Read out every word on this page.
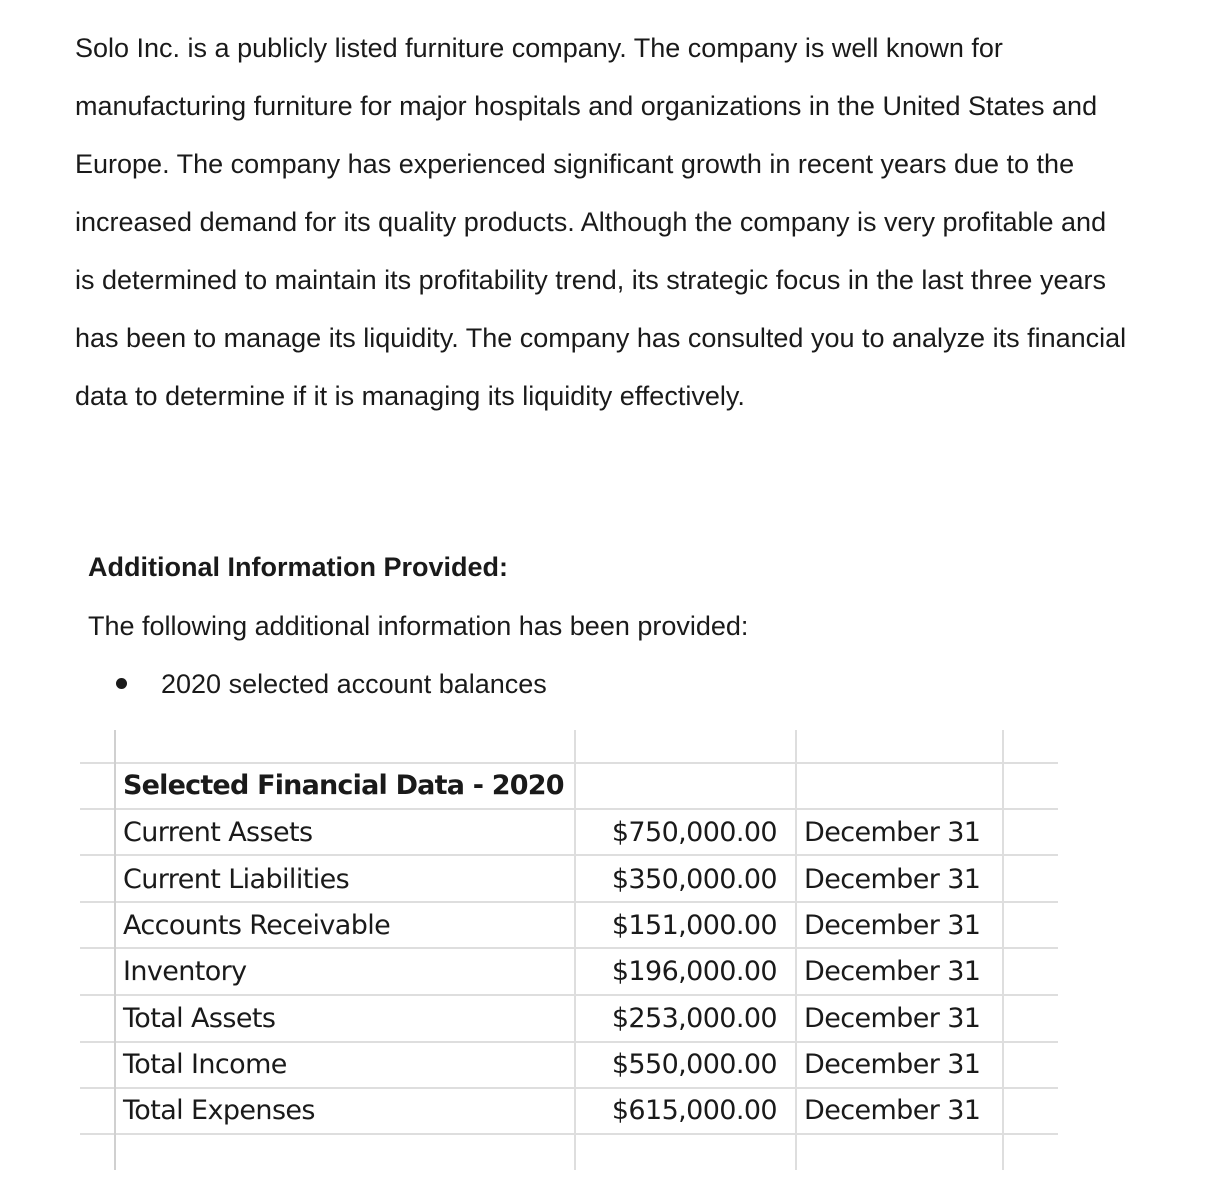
Solo Inc. is a publicly listed furniture company. The company is well known for
manufacturing furniture for major hospitals and organizations in the United States and
Europe. The company has experienced significant growth in recent years due to the
increased demand for its quality products. Although the company is very profitable and
is determined to maintain its profitability trend, its strategic focus in the last three years
has been to manage its liquidity. The company has consulted you to analyze its financial
data to determine if it is managing its liquidity effectively.
Additional Information Provided:
The following additional information has been provided:
2020 selected account balances
Selected Financial Data - 2020
Current Assets	$750,000.00 December 31
Current Liabilities	$350,000.00 December 31
Accounts Receivable	$151,000.00 December 31
Inventory	$196,000.00 December 31
Total Assets	$253,000.00 December 31
Total Income	$550,000.00 December 31
Total Expenses	$615,000.00 December 31
